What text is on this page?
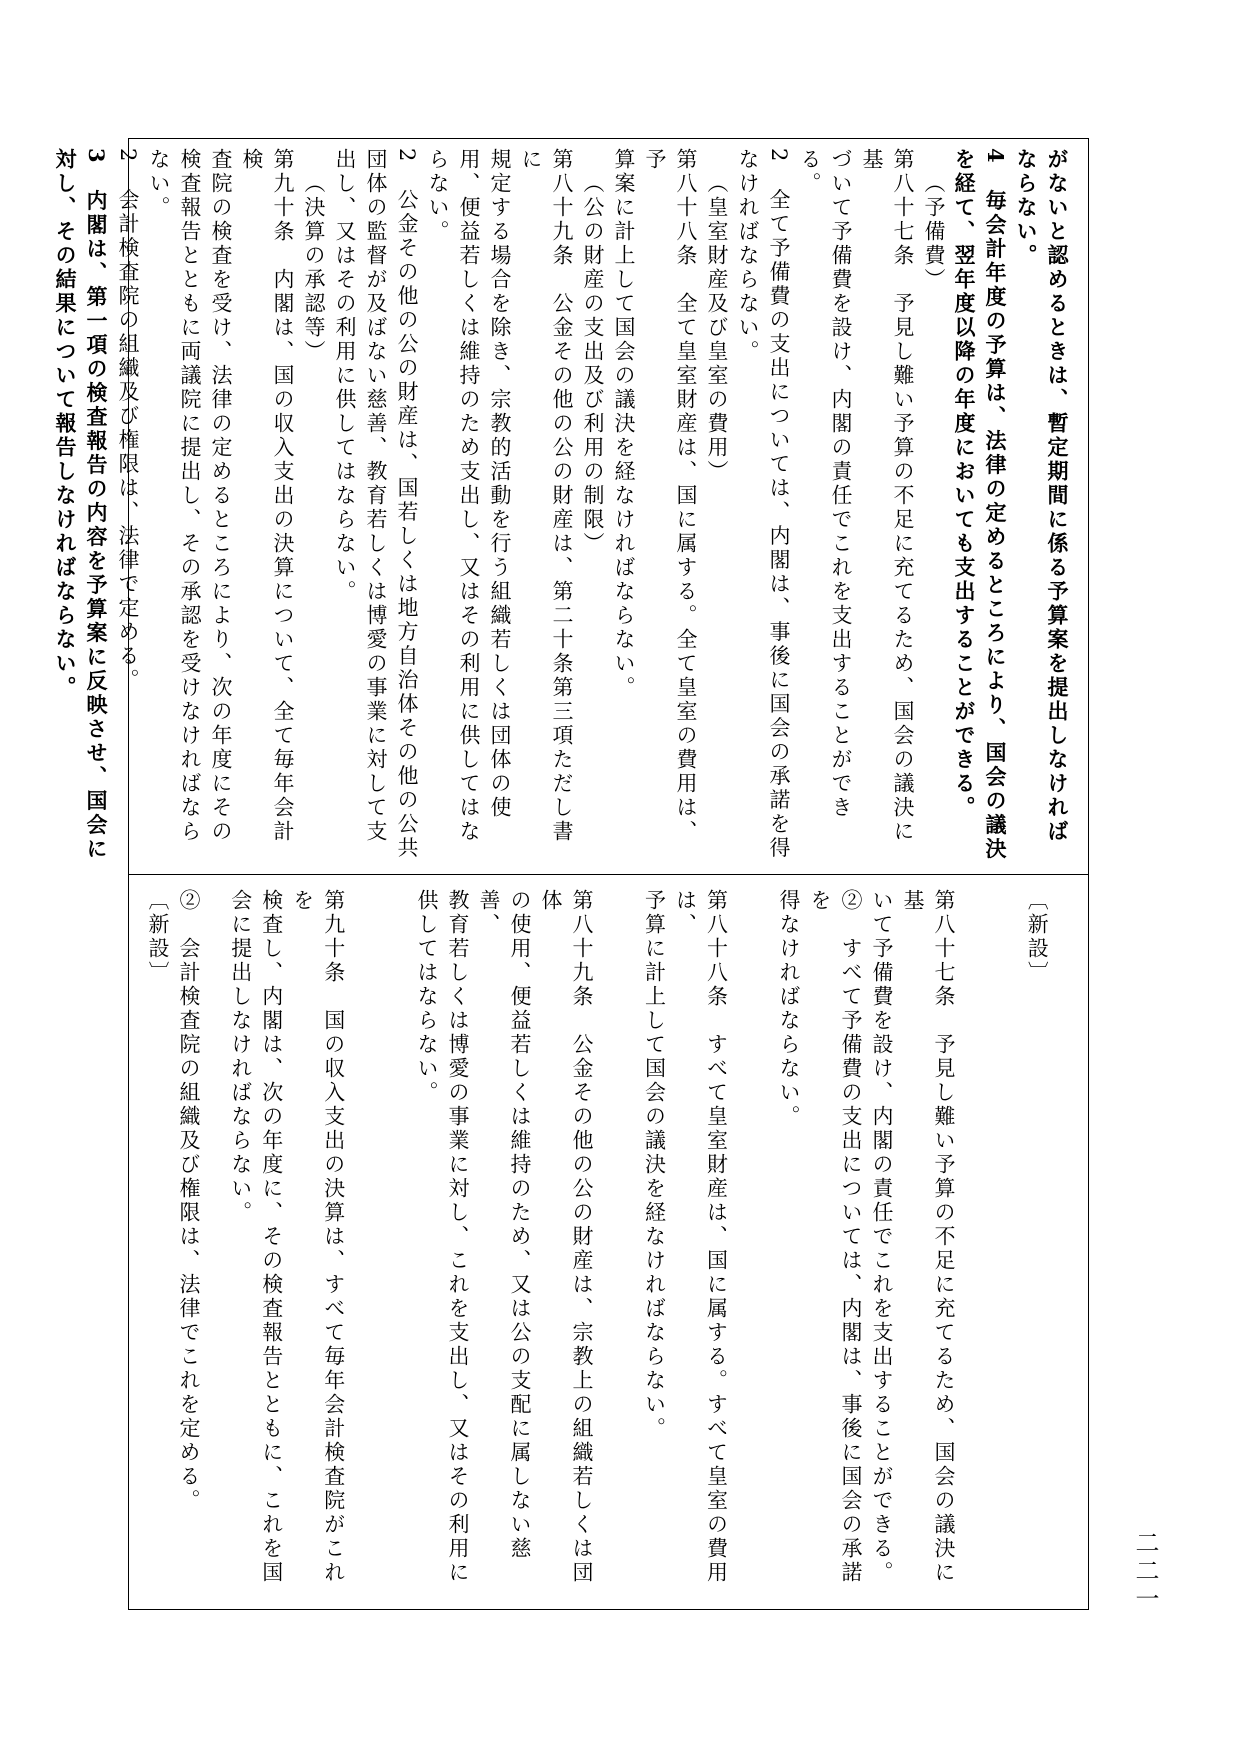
がないと認めるときは、暫定期間に係る予算案を提出しなければ
ならない。
4　毎会計年度の予算は、法律の定めるところにより、国会の議決
を経て、翌年度以降の年度においても支出することができる。
（予備費）
第八十七条　予見し難い予算の不足に充てるため、国会の議決に基
づいて予備費を設け、内閣の責任でこれを支出することができ
る。
2　全て予備費の支出については、内閣は、事後に国会の承諾を得
なければならない。
（皇室財産及び皇室の費用）
第八十八条　全て皇室財産は、国に属する。全て皇室の費用は、予
算案に計上して国会の議決を経なければならない。
（公の財産の支出及び利用の制限）
第八十九条　公金その他の公の財産は、第二十条第三項ただし書に
規定する場合を除き、宗教的活動を行う組織若しくは団体の使
用、便益若しくは維持のため支出し、又はその利用に供してはな
らない。
2　公金その他の公の財産は、国若しくは地方自治体その他の公共
団体の監督が及ばない慈善、教育若しくは博愛の事業に対して支
出し、又はその利用に供してはならない。
（決算の承認等）
第九十条　内閣は、国の収入支出の決算について、全て毎年会計検
査院の検査を受け、法律の定めるところにより、次の年度にその
検査報告とともに両議院に提出し、その承認を受けなければなら
ない。
2　会計検査院の組織及び権限は、法律で定める。
3　内閣は、第一項の検査報告の内容を予算案に反映させ、国会に
対し、その結果について報告しなければならない。
〔新設〕
第八十七条　予見し難い予算の不足に充てるため、国会の議決に基
いて予備費を設け、内閣の責任でこれを支出することができる。
②　すべて予備費の支出については、内閣は、事後に国会の承諾を
得なければならない。
第八十八条　すべて皇室財産は、国に属する。すべて皇室の費用は、
予算に計上して国会の議決を経なければならない。
第八十九条　公金その他の公の財産は、宗教上の組織若しくは団体
の使用、便益若しくは維持のため、又は公の支配に属しない慈善、
教育若しくは博愛の事業に対し、これを支出し、又はその利用に
供してはならない。
第九十条　国の収入支出の決算は、すべて毎年会計検査院がこれを
検査し、内閣は、次の年度に、その検査報告とともに、これを国
会に提出しなければならない。
②　会計検査院の組織及び権限は、法律でこれを定める。
〔新設〕
二二一
